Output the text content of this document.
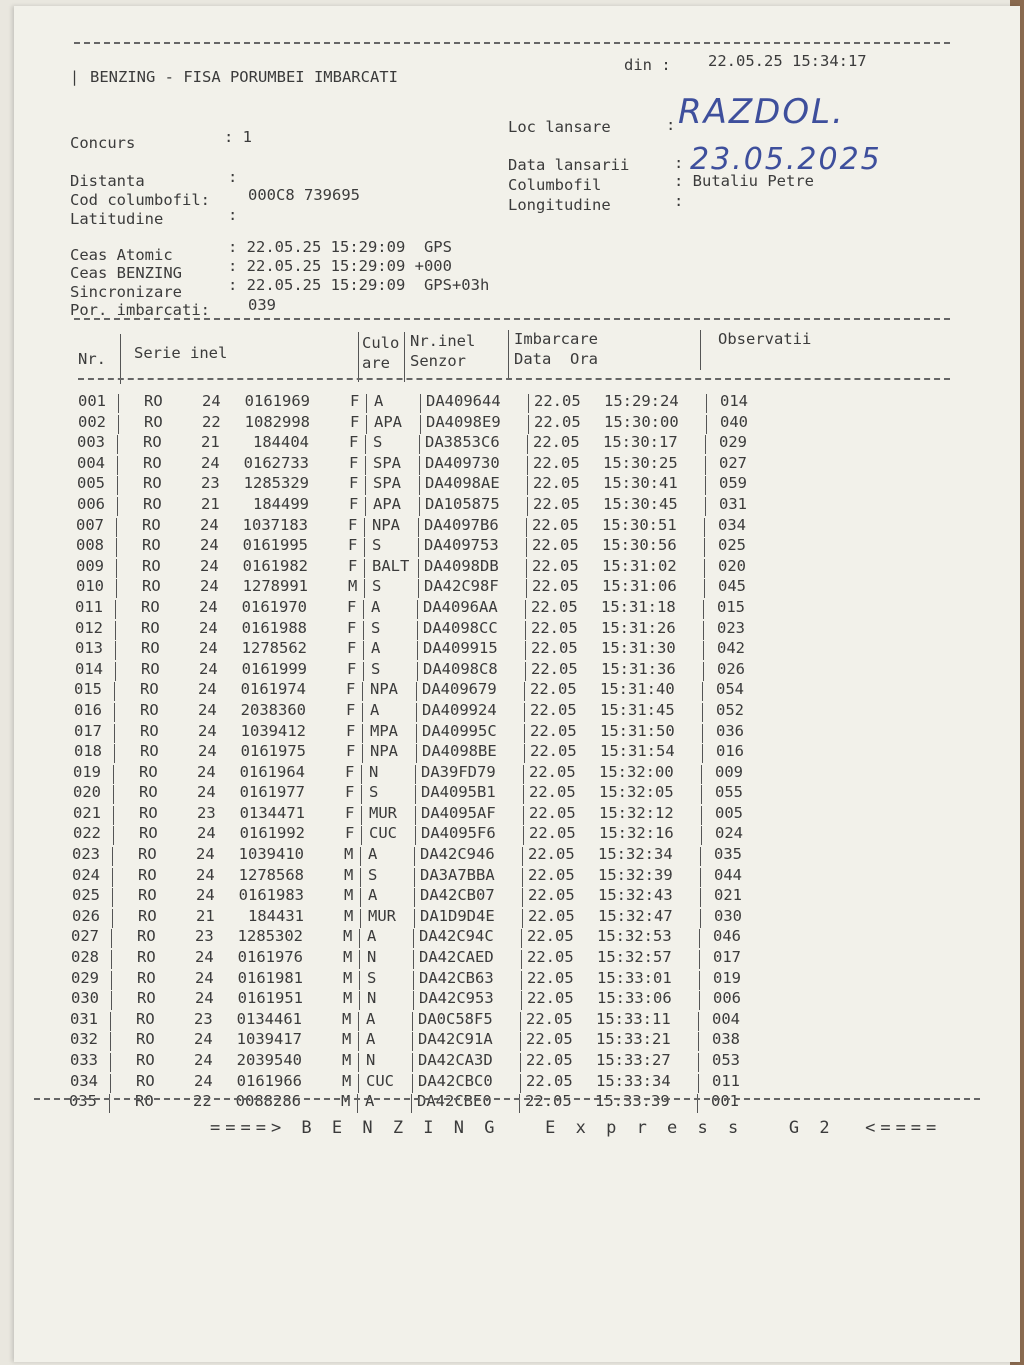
| BENZING - FISA PORUMBEI IMBARCATI
din : 22.05.25 15:34:17
Concurs	: 1
Distanta	:
Cod columbofil: 000C8 739695
Latitudine	:
Loc lansare	: RAZDOL.
Data lansarii	: 23.05.2025
Columbofil	: Butaliu Petre
Longitudine	:
Ceas Atomic	: 22.05.25 15:29:09  GPS
Ceas BENZING	: 22.05.25 15:29:09 +000
Sincronizare	: 22.05.25 15:29:09  GPS+03h
Por. imbarcati: 039
Nr. Serie inel
Culo
are
Nr.inel
Senzor
Imbarcare
Data  Ora
Observatii
001 RO	24	0161969	F A	DA409644 22.05 15:29:24	014
002 RO	22	1082998	F APA DA4098E9 22.05 15:30:00	040
003 RO	21	184404	F S	DA3853C6 22.05 15:30:17	029
004 RO	24	0162733	F SPA DA409730 22.05 15:30:25	027
005 RO	23	1285329	F SPA DA4098AE 22.05 15:30:41	059
006 RO	21	184499	F APA DA105875 22.05 15:30:45	031
007 RO	24	1037183	F NPA DA4097B6 22.05 15:30:51	034
008 RO	24	0161995	F S	DA409753 22.05 15:30:56	025
009 RO	24	0161982	F BALT DA4098DB 22.05 15:31:02	020
010 RO	24	1278991	M S	DA42C98F 22.05 15:31:06	045
011 RO	24	0161970	F A	DA4096AA 22.05 15:31:18	015
012 RO	24	0161988	F S	DA4098CC 22.05 15:31:26	023
013 RO	24	1278562	F A	DA409915 22.05 15:31:30	042
014 RO	24	0161999	F S	DA4098C8 22.05 15:31:36	026
015 RO	24	0161974	F NPA DA409679 22.05 15:31:40	054
016 RO	24	2038360	F A	DA409924 22.05 15:31:45	052
017 RO	24	1039412	F MPA DA40995C 22.05 15:31:50	036
018 RO	24	0161975	F NPA DA4098BE 22.05 15:31:54	016
019 RO	24	0161964	F N	DA39FD79 22.05 15:32:00	009
020 RO	24	0161977	F S	DA4095B1 22.05 15:32:05	055
021 RO	23	0134471	F MUR DA4095AF 22.05 15:32:12	005
022 RO	24	0161992	F CUC DA4095F6 22.05 15:32:16	024
023 RO	24	1039410	M A	DA42C946 22.05 15:32:34	035
024 RO	24	1278568	M S	DA3A7BBA 22.05 15:32:39	044
025 RO	24	0161983	M A	DA42CB07 22.05 15:32:43	021
026 RO	21	184431	M MUR DA1D9D4E 22.05 15:32:47	030
027 RO	23	1285302	M A	DA42C94C 22.05 15:32:53	046
028 RO	24	0161976	M N	DA42CAED 22.05 15:32:57	017
029 RO	24	0161981	M S	DA42CB63 22.05 15:33:01	019
030 RO	24	0161951	M N	DA42C953 22.05 15:33:06	006
031 RO	23	0134461	M A	DA0C58F5 22.05 15:33:11	004
032 RO	24	1039417	M A	DA42C91A 22.05 15:33:21	038
033 RO	24	2039540	M N	DA42CA3D 22.05 15:33:27	053
034 RO	24	0161966	M CUC DA42CBC0 22.05 15:33:34	011
035 RO	22	0088286	M A	DA42CBE0 22.05 15:33:39	001
====> B E N Z I N G   E x p r e s s   G 2  <====
